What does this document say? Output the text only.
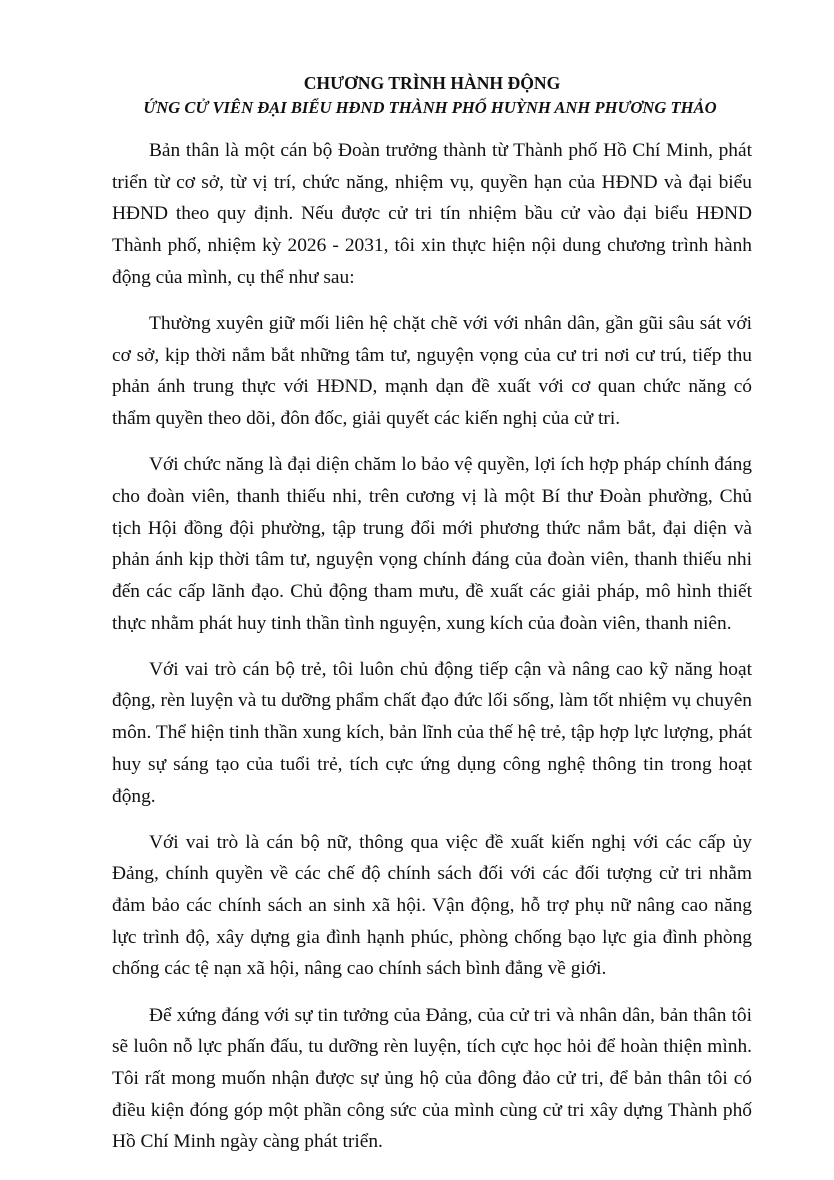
CHƯƠNG TRÌNH HÀNH ĐỘNG
ỨNG CỬ VIÊN ĐẠI BIỂU HĐND THÀNH PHỐ HUỲNH ANH PHƯƠNG THẢO

Bản thân là một cán bộ Đoàn trưởng thành từ Thành phố Hồ Chí Minh, phát triển từ cơ sở, từ vị trí, chức năng, nhiệm vụ, quyền hạn của HĐND và đại biểu HĐND theo quy định. Nếu được cử tri tín nhiệm bầu cử vào đại biểu HĐND Thành phố, nhiệm kỳ 2026 - 2031, tôi xin thực hiện nội dung chương trình hành động của mình, cụ thể như sau:

Thường xuyên giữ mối liên hệ chặt chẽ với với nhân dân, gần gũi sâu sát với cơ sở, kịp thời nắm bắt những tâm tư, nguyện vọng của cư tri nơi cư trú, tiếp thu phản ánh trung thực với HĐND, mạnh dạn đề xuất với cơ quan chức năng có thẩm quyền theo dõi, đôn đốc, giải quyết các kiến nghị của cử tri.

Với chức năng là đại diện chăm lo bảo vệ quyền, lợi ích hợp pháp chính đáng cho đoàn viên, thanh thiếu nhi, trên cương vị là một Bí thư Đoàn phường, Chủ tịch Hội đồng đội phường, tập trung đổi mới phương thức nắm bắt, đại diện và phản ánh kịp thời tâm tư, nguyện vọng chính đáng của đoàn viên, thanh thiếu nhi đến các cấp lãnh đạo. Chủ động tham mưu, đề xuất các giải pháp, mô hình thiết thực nhằm phát huy tinh thần tình nguyện, xung kích của đoàn viên, thanh niên.

Với vai trò cán bộ trẻ, tôi luôn chủ động tiếp cận và nâng cao kỹ năng hoạt động, rèn luyện và tu dưỡng phẩm chất đạo đức lối sống, làm tốt nhiệm vụ chuyên môn. Thể hiện tinh thần xung kích, bản lĩnh của thế hệ trẻ, tập hợp lực lượng, phát huy sự sáng tạo của tuổi trẻ, tích cực ứng dụng công nghệ thông tin trong hoạt động.

Với vai trò là cán bộ nữ, thông qua việc đề xuất kiến nghị với các cấp ủy Đảng, chính quyền về các chế độ chính sách đối với các đối tượng cử tri nhằm đảm bảo các chính sách an sinh xã hội. Vận động, hỗ trợ phụ nữ nâng cao năng lực trình độ, xây dựng gia đình hạnh phúc, phòng chống bạo lực gia đình phòng chống các tệ nạn xã hội, nâng cao chính sách bình đẳng về giới.

Để xứng đáng với sự tin tưởng của Đảng, của cử tri và nhân dân, bản thân tôi sẽ luôn nỗ lực phấn đấu, tu dưỡng rèn luyện, tích cực học hỏi để hoàn thiện mình. Tôi rất mong muốn nhận được sự ủng hộ của đông đảo cử tri, để bản thân tôi có điều kiện đóng góp một phần công sức của mình cùng cử tri xây dựng Thành phố Hồ Chí Minh ngày càng phát triển.
